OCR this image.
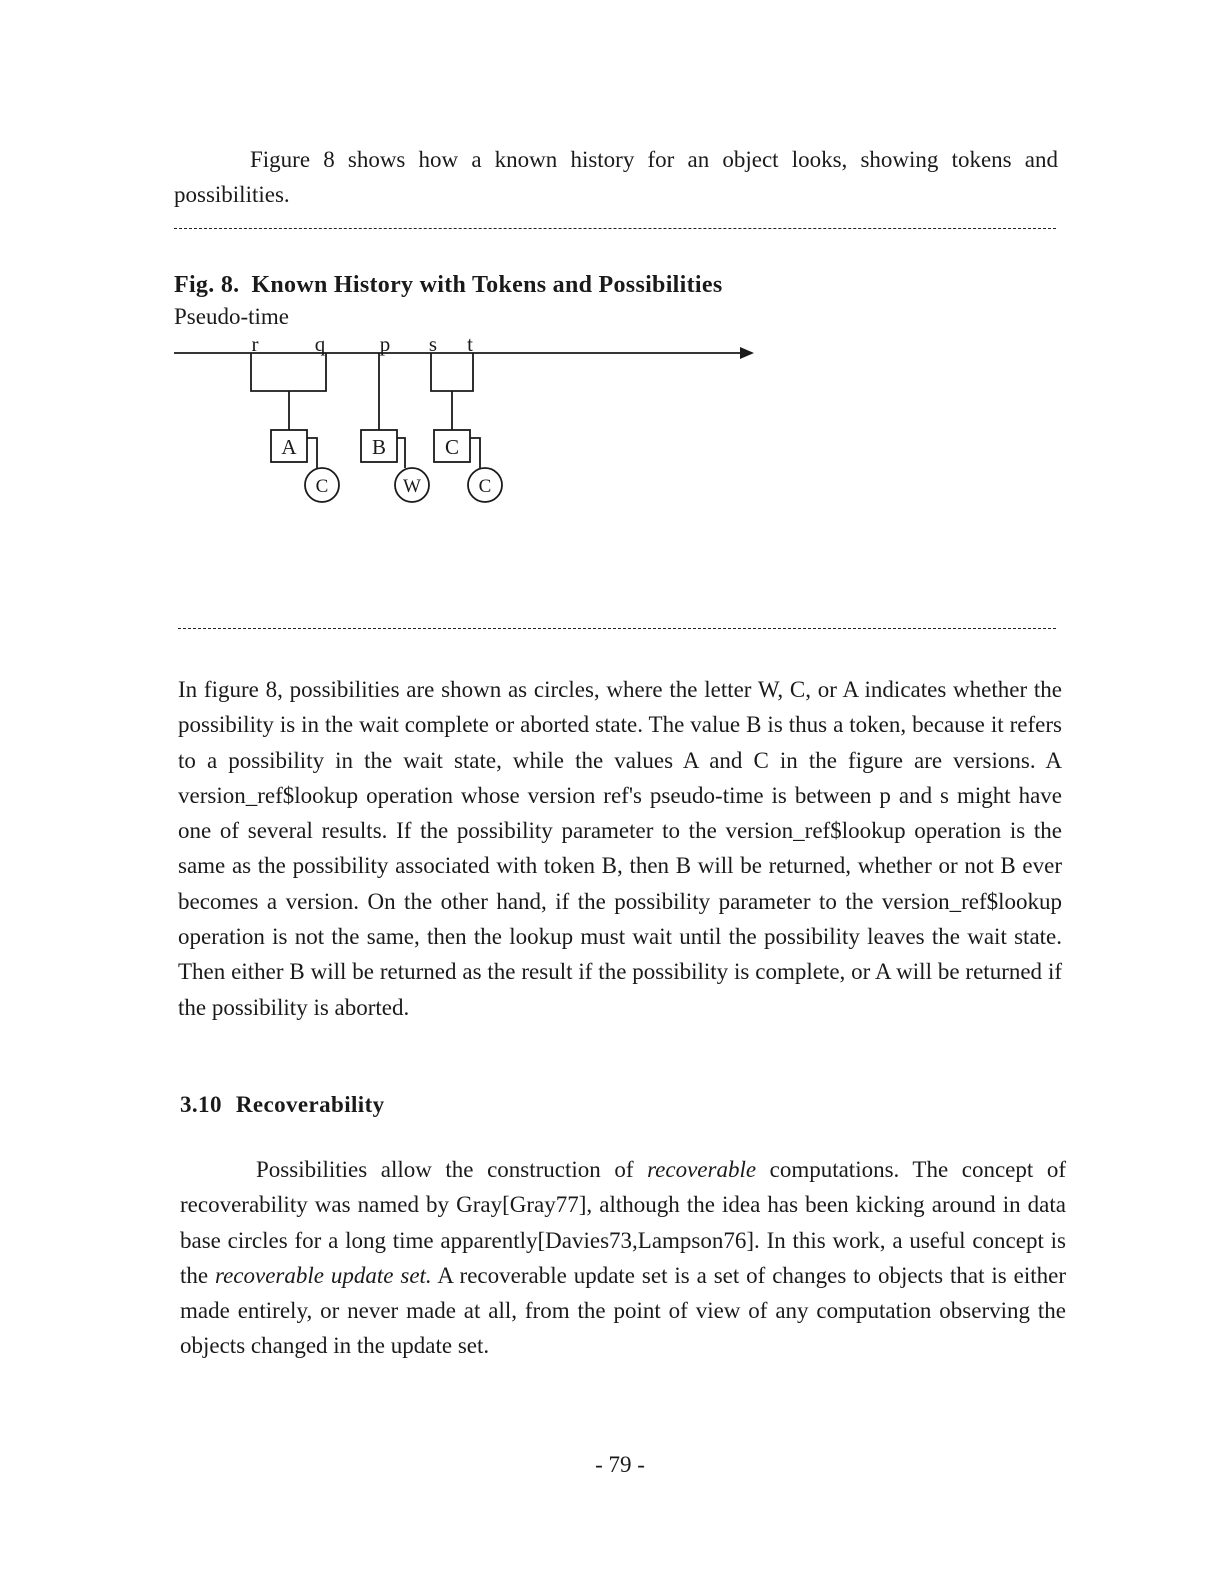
Figure 8 shows how a known history for an object looks, showing tokens and possibilities.

Fig. 8. Known History with Tokens and Possibilities

Pseudo-time

r	q	p s t
A	B	C
C	W	C

In figure 8, possibilities are shown as circles, where the letter W, C, or A indicates whether the possibility is in the wait complete or aborted state. The value B is thus a token, because it refers to a possibility in the wait state, while the values A and C in the figure are versions. A version_ref$lookup operation whose version ref's pseudo-time is between p and s might have one of several results. If the possibility parameter to the version_ref$lookup operation is the same as the possibility associated with token B, then B will be returned, whether or not B ever becomes a version. On the other hand, if the possibility parameter to the version_ref$lookup operation is not the same, then the lookup must wait until the possibility leaves the wait state. Then either B will be returned as the result if the possibility is complete, or A will be returned if the possibility is aborted.

3.10 Recoverability

Possibilities allow the construction of recoverable computations. The concept of recoverability was named by Gray[Gray77], although the idea has been kicking around in data base circles for a long time apparently[Davies73,Lampson76]. In this work, a useful concept is the recoverable update set. A recoverable update set is a set of changes to objects that is either made entirely, or never made at all, from the point of view of any computation observing the objects changed in the update set.

- 79 -
